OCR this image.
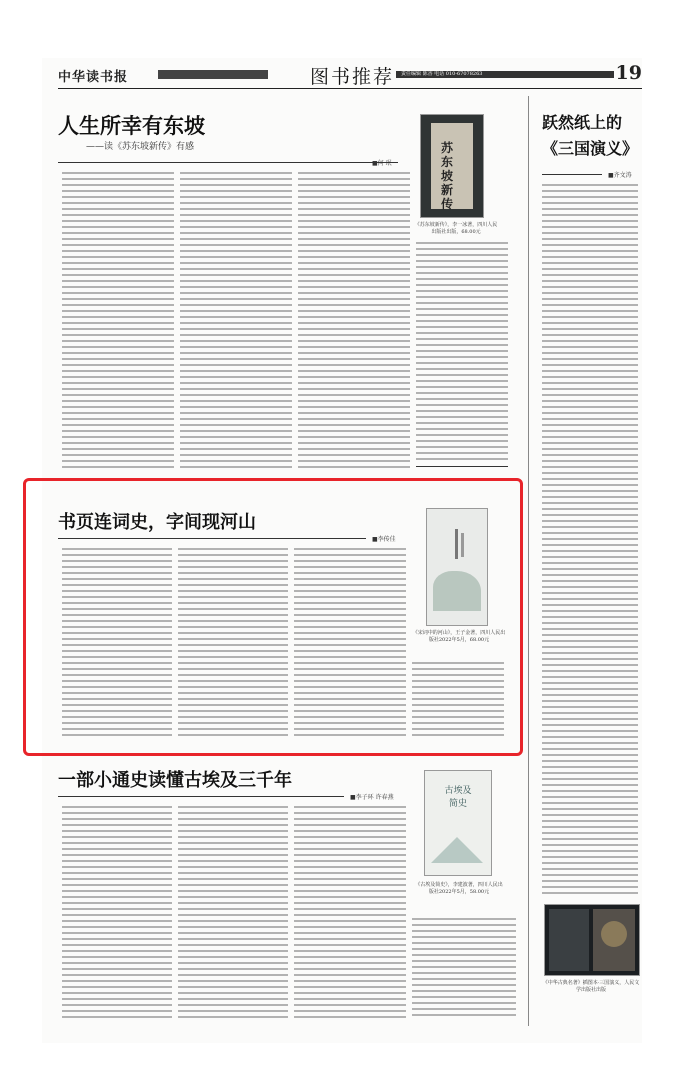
中华读书报	图书推荐 责任编辑 陈香 电话 010-67078263	19
人生所幸有东坡
——读《苏东坡新传》有感
■何 珉
苏东坡新传
《苏东坡新传》，李一冰著，四川人民出版社出版，68.00元
跃然纸上的
《三国演义》
■齐文涛
《中华古典名著》插图本·三国演义，人民文学出版社出版
书页连词史，字间现河山
■李传佳
《宋词中的河山》，王子金著，四川人民出版社2022年5月，68.00元
一部小通史读懂古埃及三千年
■李子环 许春燕
古埃及简史
《古埃及简史》，李建波著，四川人民出版社2022年5月，58.00元
